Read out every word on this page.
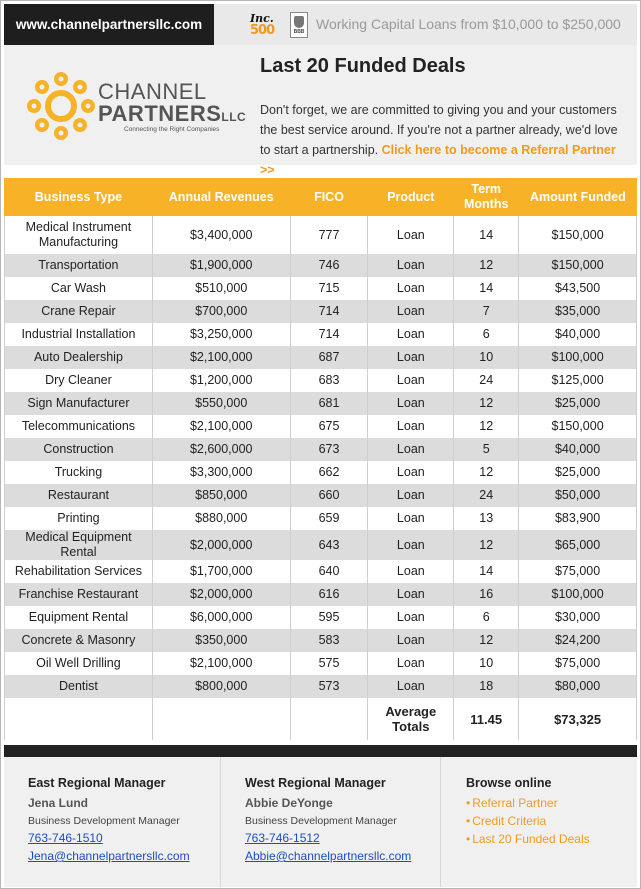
www.channelpartnersllc.com	Inc.
500	BBB Working Capital Loans from $10,000 to $250,000
CHANNEL
PARTNERSLLC
Connecting the Right Companies
Last 20 Funded Deals
Don't forget, we are committed to giving you and your customers the best service around. If you're not a partner already, we'd love to start a partnership. Click here to become a Referral Partner >>
Business Type	Annual Revenues	FICO	Product	Term Months	Amount Funded
Medical Instrument Manufacturing	$3,400,000	777	Loan	14	$150,000
Transportation	$1,900,000	746	Loan	12	$150,000
Car Wash	$510,000	715	Loan	14	$43,500
Crane Repair	$700,000	714	Loan	7	$35,000
Industrial Installation	$3,250,000	714	Loan	6	$40,000
Auto Dealership	$2,100,000	687	Loan	10	$100,000
Dry Cleaner	$1,200,000	683	Loan	24	$125,000
Sign Manufacturer	$550,000	681	Loan	12	$25,000
Telecommunications	$2,100,000	675	Loan	12	$150,000
Construction	$2,600,000	673	Loan	5	$40,000
Trucking	$3,300,000	662	Loan	12	$25,000
Restaurant	$850,000	660	Loan	24	$50,000
Printing	$880,000	659	Loan	13	$83,900
Medical Equipment Rental	$2,000,000	643	Loan	12	$65,000
Rehabilitation Services	$1,700,000	640	Loan	14	$75,000
Franchise Restaurant	$2,000,000	616	Loan	16	$100,000
Equipment Rental	$6,000,000	595	Loan	6	$30,000
Concrete & Masonry	$350,000	583	Loan	12	$24,200
Oil Well Drilling	$2,100,000	575	Loan	10	$75,000
Dentist	$800,000	573	Loan	18	$80,000
			Average Totals	11.45	$73,325
East Regional Manager
Jena Lund
Business Development Manager
763-746-1510
Jena@channelpartnersllc.com
West Regional Manager
Abbie DeYonge
Business Development Manager
763-746-1512
Abbie@channelpartnersllc.com
Browse online
• Referral Partner
• Credit Criteria
• Last 20 Funded Deals
